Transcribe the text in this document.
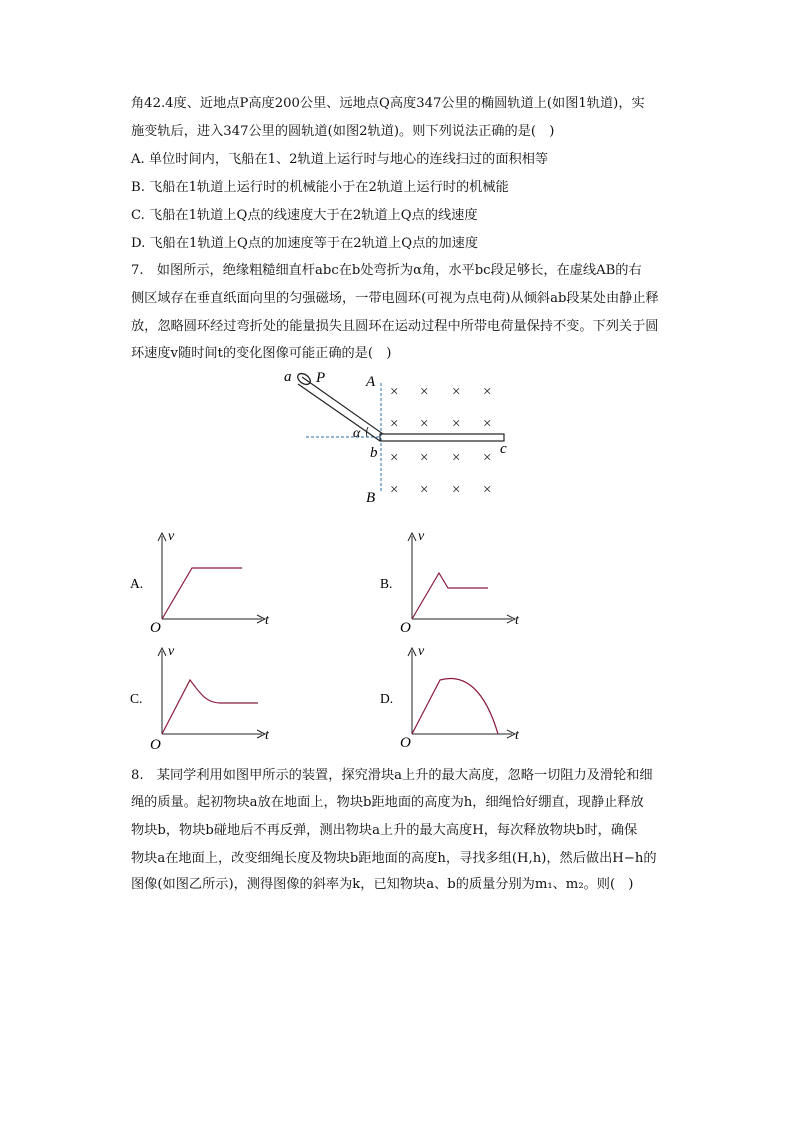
角42.4度、近地点P高度200公里、远地点Q高度347公里的椭圆轨道上(如图1轨道)，实
施变轨后，进入347公里的圆轨道(如图2轨道)。则下列说法正确的是(　)
A. 单位时间内，飞船在1、2轨道上运行时与地心的连线扫过的面积相等
B. 飞船在1轨道上运行时的机械能小于在2轨道上运行时的机械能
C. 飞船在1轨道上Q点的线速度大于在2轨道上Q点的线速度
D. 飞船在1轨道上Q点的加速度等于在2轨道上Q点的加速度
7.　如图所示，绝缘粗糙细直杆abc在b处弯折为α角，水平bc段足够长，在虚线AB的右
侧区域存在垂直纸面向里的匀强磁场，一带电圆环(可视为点电荷)从倾斜ab段某处由静止释
放，忽略圆环经过弯折处的能量损失且圆环在运动过程中所带电荷量保持不变。下列关于圆
环速度v随时间t的变化图像可能正确的是(　)
a P	A
α
b	c
B
× × × ×
× × × ×
× × × ×
× × × ×
A.
v
t
O
B.
v
t
O
C.
v
t
O
D.
v
t
O
8.　某同学利用如图甲所示的装置，探究滑块a上升的最大高度，忽略一切阻力及滑轮和细
绳的质量。起初物块a放在地面上，物块b距地面的高度为h，细绳恰好绷直，现静止释放
物块b，物块b碰地后不再反弹，测出物块a上升的最大高度H，每次释放物块b时，确保
物块a在地面上，改变细绳长度及物块b距地面的高度h，寻找多组(H,h)，然后做出H−h的
图像(如图乙所示)，测得图像的斜率为k，已知物块a、b的质量分别为m₁、m₂。则(　)
